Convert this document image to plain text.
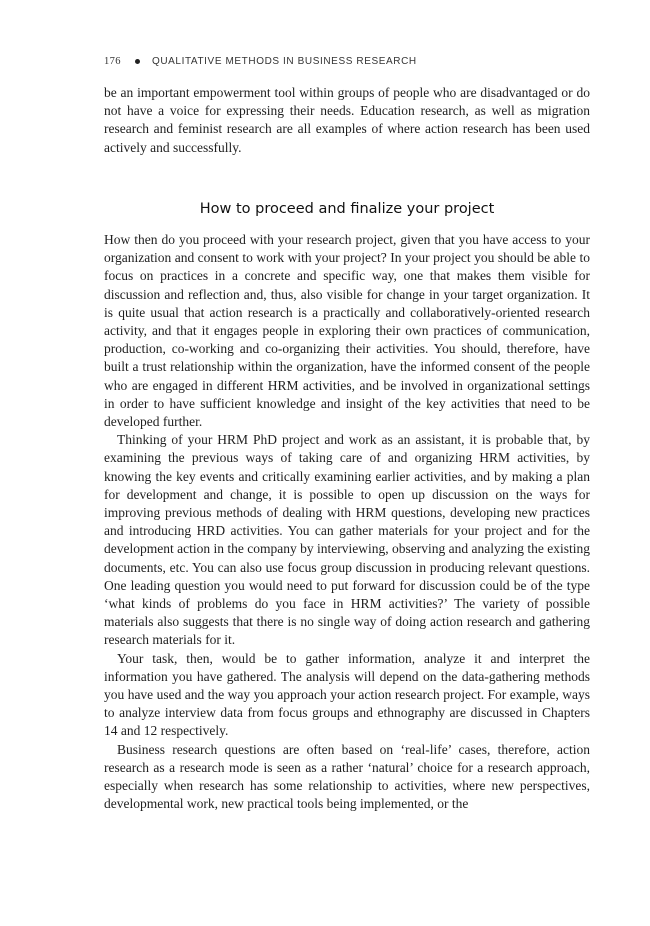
176	QUALITATIVE METHODS IN BUSINESS RESEARCH

be an important empowerment tool within groups of people who are disadvantaged or do not have a voice for expressing their needs. Education research, as well as migration research and feminist research are all examples of where action research has been used actively and successfully.

How to proceed and finalize your project

How then do you proceed with your research project, given that you have access to your organization and consent to work with your project? In your project you should be able to focus on practices in a concrete and specific way, one that makes them visible for discussion and reflection and, thus, also visible for change in your target organization. It is quite usual that action research is a practically and collaboratively-oriented research activity, and that it engages people in exploring their own practices of communication, production, co-working and co-organizing their activities. You should, therefore, have built a trust relationship within the organization, have the informed consent of the people who are engaged in different HRM activities, and be involved in organizational settings in order to have sufficient knowledge and insight of the key activities that need to be developed further.

Thinking of your HRM PhD project and work as an assistant, it is probable that, by examining the previous ways of taking care of and organizing HRM activities, by knowing the key events and critically examining earlier activities, and by making a plan for development and change, it is possible to open up discussion on the ways for improving previous methods of dealing with HRM questions, developing new practices and introducing HRD activities. You can gather materials for your project and for the development action in the company by interviewing, observing and analyzing the existing documents, etc. You can also use focus group discussion in producing relevant questions. One leading question you would need to put forward for discussion could be of the type ‘what kinds of problems do you face in HRM activities?’ The variety of possible materials also suggests that there is no single way of doing action research and gathering research materials for it.

Your task, then, would be to gather information, analyze it and interpret the information you have gathered. The analysis will depend on the data-gathering methods you have used and the way you approach your action research project. For example, ways to analyze interview data from focus groups and ethnography are discussed in Chapters 14 and 12 respectively.

Business research questions are often based on ‘real-life’ cases, therefore, action research as a research mode is seen as a rather ‘natural’ choice for a research approach, especially when research has some relationship to activities, where new perspectives, developmental work, new practical tools being implemented, or the
